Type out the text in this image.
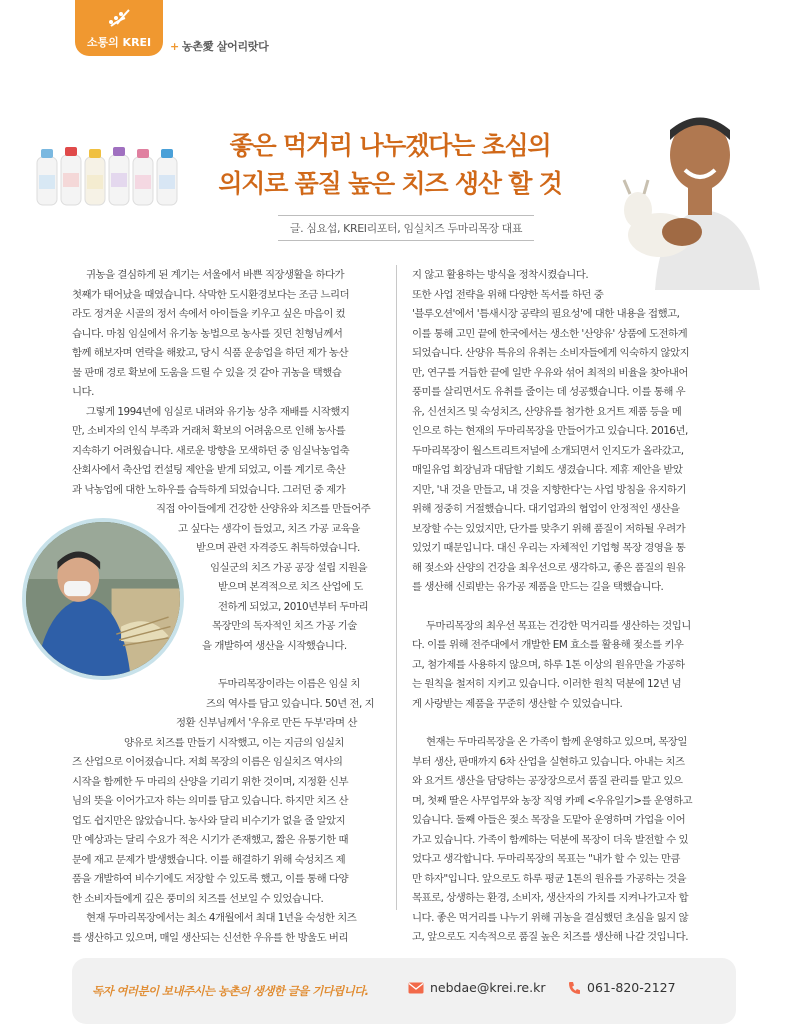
소통의 KREI	+ 농촌愛 살어리랏다
좋은 먹거리 나누겠다는 초심의
의지로 품질 높은 치즈 생산 할 것
글. 심요섭, KREI리포터, 임실치즈 두마리목장 대표

귀농을 결심하게 된 계기는 서울에서 바쁜 직장생활을 하다가
첫째가 태어났을 때였습니다. 삭막한 도시환경보다는 조금 느리더
라도 정겨운 시골의 정서 속에서 아이들을 키우고 싶은 마음이 컸
습니다. 마침 임실에서 유기농 농법으로 농사를 짓던 친형님께서
함께 해보자며 연락을 해왔고, 당시 식품 운송업을 하던 제가 농산
물 판매 경로 확보에 도움을 드릴 수 있을 것 같아 귀농을 택했습
니다.

그렇게 1994년에 임실로 내려와 유기농 상추 재배를 시작했지
만, 소비자의 인식 부족과 거래처 확보의 어려움으로 인해 농사를
지속하기 어려웠습니다. 새로운 방향을 모색하던 중 임실낙농업축
산회사에서 축산업 컨설팅 제안을 받게 되었고, 이를 계기로 축산
과 낙농업에 대한 노하우를 습득하게 되었습니다. 그러던 중 제가
직접 아이들에게 건강한 산양유와 치즈를 만들어주
고 싶다는 생각이 들었고, 치즈 가공 교육을
받으며 관련 자격증도 취득하였습니다.
임실군의 치즈 가공 공장 설립 지원을
받으며 본격적으로 치즈 산업에 도
전하게 되었고, 2010년부터 두마리
목장만의 독자적인 치즈 가공 기술
을 개발하여 생산을 시작했습니다.

두마리목장이라는 이름은 임실 치
즈의 역사를 담고 있습니다. 50년 전, 지
정환 신부님께서 '우유로 만든 두부'라며 산
양유로 치즈를 만들기 시작했고, 이는 지금의 임실치
즈 산업으로 이어졌습니다. 저희 목장의 이름은 임실치즈 역사의
시작을 함께한 두 마리의 산양을 기리기 위한 것이며, 지정환 신부
님의 뜻을 이어가고자 하는 의미를 담고 있습니다. 하지만 치즈 산
업도 쉽지만은 않았습니다. 농사와 달리 비수기가 없을 줄 알았지
만 예상과는 달리 수요가 적은 시기가 존재했고, 짧은 유통기한 때
문에 재고 문제가 발생했습니다. 이를 해결하기 위해 숙성치즈 제
품을 개발하여 비수기에도 저장할 수 있도록 했고, 이를 통해 다양
한 소비자들에게 깊은 풍미의 치즈를 선보일 수 있었습니다.

현재 두마리목장에서는 최소 4개월에서 최대 1년을 숙성한 치즈
를 생산하고 있으며, 매일 생산되는 신선한 우유를 한 방울도 버리

지 않고 활용하는 방식을 정착시켰습니다.
또한 사업 전략을 위해 다양한 독서를 하던 중
'블루오션'에서 '틈새시장 공략의 필요성'에 대한 내용을 접했고,
이를 통해 고민 끝에 한국에서는 생소한 '산양유' 상품에 도전하게
되었습니다. 산양유 특유의 유취는 소비자들에게 익숙하지 않았지
만, 연구를 거듭한 끝에 일반 우유와 섞어 최적의 비율을 찾아내어
풍미를 살리면서도 유취를 줄이는 데 성공했습니다. 이를 통해 우
유, 신선치즈 및 숙성치즈, 산양유를 첨가한 요거트 제품 등을 메
인으로 하는 현재의 두마리목장을 만들어가고 있습니다. 2016년,
두마리목장이 월스트리트저널에 소개되면서 인지도가 올라갔고,
매일유업 회장님과 대담할 기회도 생겼습니다. 제휴 제안을 받았
지만, '내 것을 만들고, 내 것을 지향한다'는 사업 방침을 유지하기
위해 정중히 거절했습니다. 대기업과의 협업이 안정적인 생산을
보장할 수는 있었지만, 단가를 맞추기 위해 품질이 저하될 우려가
있었기 때문입니다. 대신 우리는 자체적인 기업형 목장 경영을 통
해 젖소와 산양의 건강을 최우선으로 생각하고, 좋은 품질의 원유
를 생산해 신뢰받는 유가공 제품을 만드는 길을 택했습니다.

두마리목장의 최우선 목표는 건강한 먹거리를 생산하는 것입니
다. 이를 위해 전주대에서 개발한 EM 효소를 활용해 젖소를 키우
고, 첨가제를 사용하지 않으며, 하루 1톤 이상의 원유만을 가공하
는 원칙을 철저히 지키고 있습니다. 이러한 원칙 덕분에 12년 넘
게 사랑받는 제품을 꾸준히 생산할 수 있었습니다.

현재는 두마리목장을 온 가족이 함께 운영하고 있으며, 목장일
부터 생산, 판매까지 6차 산업을 실현하고 있습니다. 아내는 치즈
와 요거트 생산을 담당하는 공장장으로서 품질 관리를 맡고 있으
며, 첫째 딸은 사무업무와 농장 직영 카페 <우유일기>를 운영하고
있습니다. 둘째 아들은 젖소 목장을 도맡아 운영하며 가업을 이어
가고 있습니다. 가족이 함께하는 덕분에 목장이 더욱 발전할 수 있
었다고 생각합니다. 두마리목장의 목표는 "내가 할 수 있는 만큼
만 하자"입니다. 앞으로도 하루 평균 1톤의 원유를 가공하는 것을
목표로, 상생하는 환경, 소비자, 생산자의 가치를 지켜나가고자 합
니다. 좋은 먹거리를 나누기 위해 귀농을 결심했던 초심을 잃지 않
고, 앞으로도 지속적으로 품질 높은 치즈를 생산해 나갈 것입니다.

독자 여러분이 보내주시는 농촌의 생생한 글을 기다립니다.	nebdae@krei.re.kr	061-820-2127
